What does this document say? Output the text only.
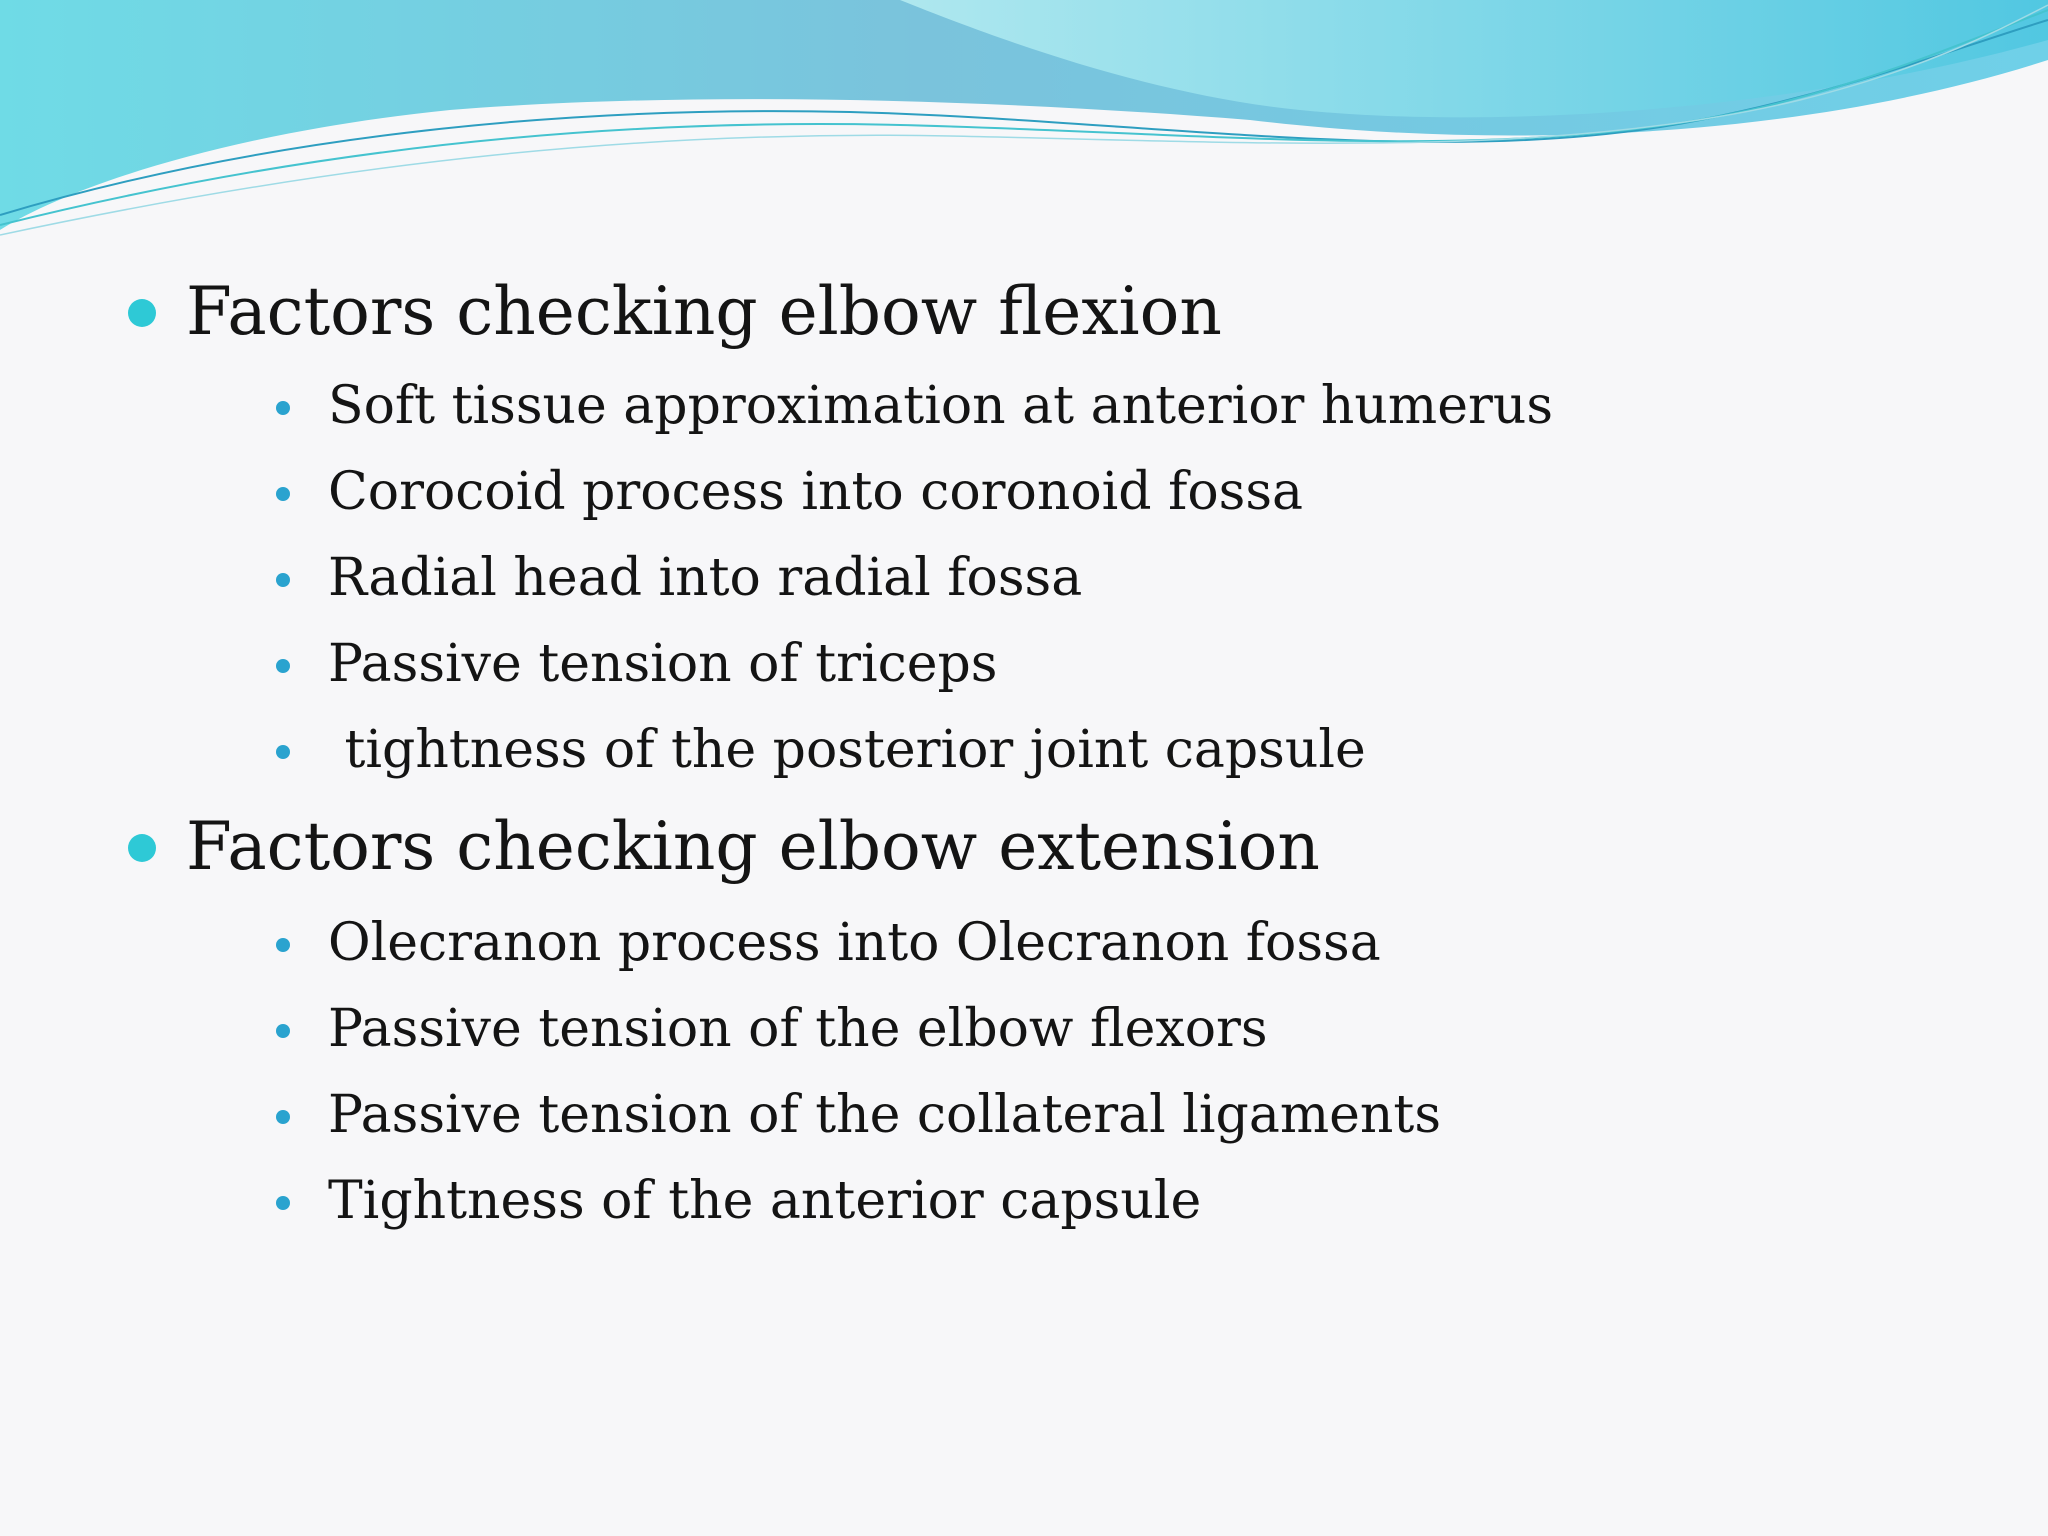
Factors checking elbow flexion
Soft tissue approximation at anterior humerus
Corocoid process into coronoid fossa
Radial head into radial fossa
Passive tension of triceps
tightness of the posterior joint capsule
Factors checking elbow extension
Olecranon process into Olecranon fossa
Passive tension of the elbow flexors
Passive tension of the collateral ligaments
Tightness of the anterior capsule
